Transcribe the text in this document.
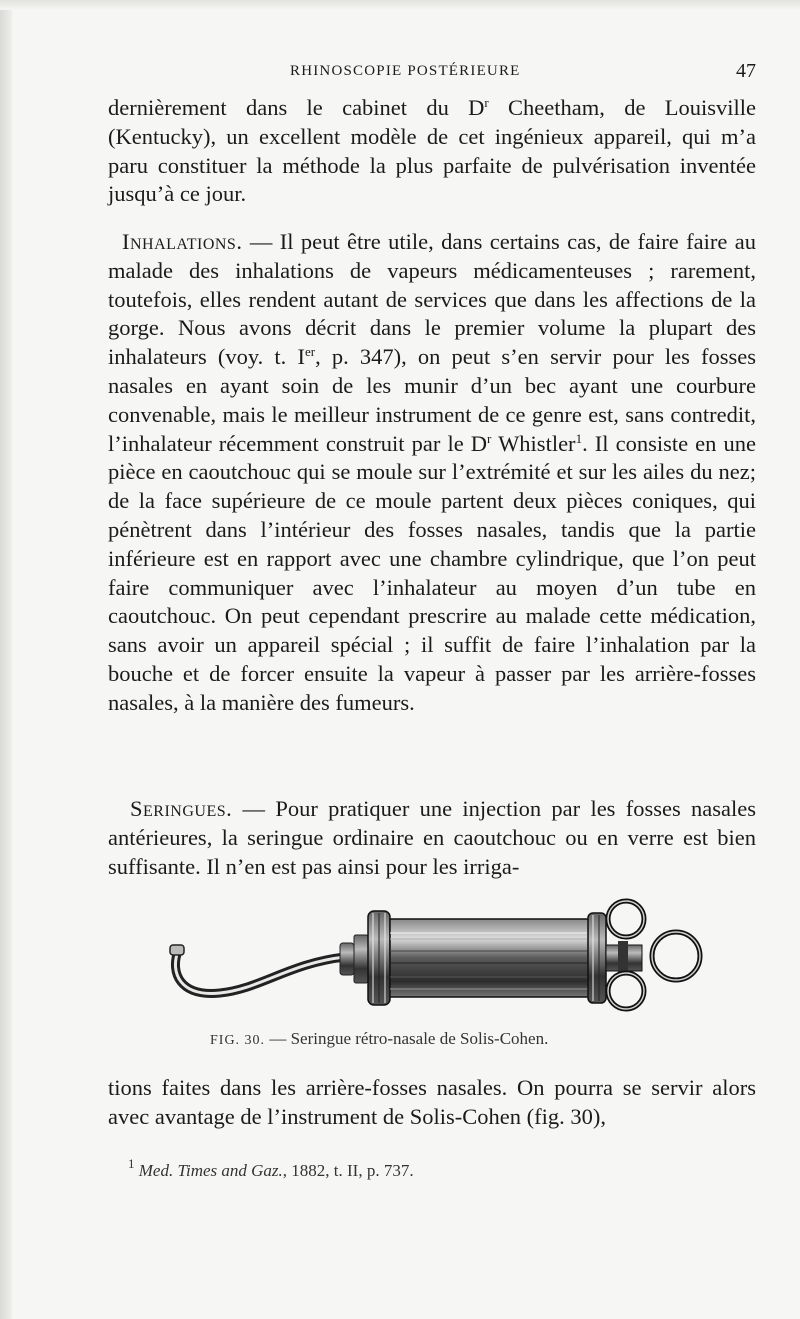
RHINOSCOPIE POSTÉRIEURE	47

dernièrement dans le cabinet du $D^r$ Cheetham, de Louisville (Kentucky), un excellent modèle de cet ingénieux appareil, qui m’a paru constituer la méthode la plus parfaite de pulvérisation inventée jusqu’à ce jour.

Inhalations. — Il peut être utile, dans certains cas, de faire faire au malade des inhalations de vapeurs médicamenteuses ; rarement, toutefois, elles rendent autant de services que dans les affections de la gorge. Nous avons décrit dans le premier volume la plupart des inhalateurs (voy. t. Ier, p. 347), on peut s’en servir pour les fosses nasales en ayant soin de les munir d’un bec ayant une courbure convenable, mais le meilleur instrument de ce genre est, sans contredit, l’inhalateur récemment construit par le $D^r$ Whistler$^1$. Il consiste en une pièce en caoutchouc qui se moule sur l’extrémité et sur les ailes du nez; de la face supérieure de ce moule partent deux pièces coniques, qui pénètrent dans l’intérieur des fosses nasales, tandis que la partie inférieure est en rapport avec une chambre cylindrique, que l’on peut faire communiquer avec l’inhalateur au moyen d’un tube en caoutchouc. On peut cependant prescrire au malade cette médication, sans avoir un appareil spécial ; il suffit de faire l’inhalation par la bouche et de forcer ensuite la vapeur à passer par les arrière-fosses nasales, à la manière des fumeurs.

Seringues. — Pour pratiquer une injection par les fosses nasales antérieures, la seringue ordinaire en caoutchouc ou en verre est bien suffisante. Il n’en est pas ainsi pour les irriga-

FIG. 30. — Seringue rétro-nasale de Solis-Cohen.

tions faites dans les arrière-fosses nasales. On pourra se servir alors avec avantage de l’instrument de Solis-Cohen (fig. 30),

$^1$ Med. Times and Gaz., 1882, t. II, p. 737.
